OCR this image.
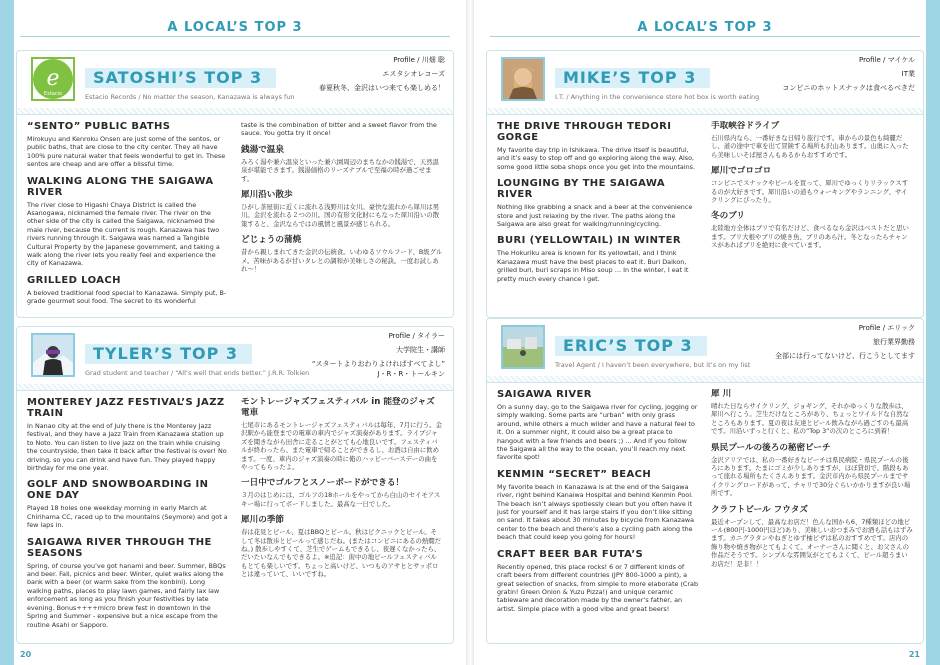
A LOCAL’S TOP 3
e
Estacio
SATOSHI’S TOP 3
Estacio Records / No matter the season, Kanazawa is always fun
Profile / 川畑 聡
エスタシオレコーズ
春夏秋冬、金沢はいつ来ても楽しめる！
“SENTO” PUBLIC BATHS

Mirokuyu and Kenroku Onsen are just some of the sentos, or public baths, that are close to the city center. They all have 100% pure natural water that feels wonderful to get in. These sentos are cheap and are offer a blissful time.

WALKING ALONG THE SAIGAWA RIVER

The river close to Higashi Chaya District is called the Asanogawa, nicknamed the female river. The river on the other side of the city is called the Saigawa, nicknamed the male river, because the current is rough. Kanazawa has two rivers running through it. Saigawa was named a Tangible Cultural Property by the Japanese government, and taking a walk along the river lets you really feel and experience the city of Kanazawa.

GRILLED LOACH

A beloved traditional food special to Kanazawa. Simply put, B-grade gourmet soul food. The secret to its wonderful

taste is the combination of bitter and a sweet flavor from the sauce. You gotta try it once!

銭湯で温泉

みろく湯や兼六温泉といった兼六園周辺のまちなかの銭湯で、天然温泉が堪能できます。銭湯価格のリーズナブルで至福の時が過ごせます。

犀川沿い散歩

ひがし茶屋街に近くに流れる浅野川は女川。豪快な流れから犀川は男川。金沢を流れる２つの川。国の有形文化財にもなった犀川沿いの散策すると、金沢ならではの風情と風景が感じられる。

どじょうの蒲焼

昔から親しまれてきた金沢の伝統食。いわゆるソウルフード、B級グルメ。苦味があるが甘いタレとの調和が美味しさの秘訣。一度お試しあれ～！

TYLER’S TOP 3
Grad student and teacher / “All’s well that ends better.” J.R.R. Tolkien
Profile / タイラー
大学院生・講師
“スタートよりおわりよければすべてよし”
J・R・R・トールキン
MONTEREY JAZZ FESTIVAL’S JAZZ TRAIN

In Nanao city at the end of July there is the Monterey Jazz festival, and they have a Jazz Train from Kanazawa station up to Noto. You can listen to live jazz on the train while cruising the countryside, then take it back after the festival is over! No driving, so you can drink and have fun. They played happy birthday for me one year.

GOLF AND SNOWBOARDING IN ONE DAY

Played 18 holes one weekday morning in early March at Chirihama CC, raced up to the mountains (Seymore) and got a few laps in.

SAIGAWA RIVER THROUGH THE SEASONS

Spring, of course you’ve got hanami and beer. Summer, BBQs and beer. Fall, picnics and beer. Winter, quiet walks along the bank with a beer (or warm sake from the konbini). Long walking paths, places to play lawn games, and fairly lax law enforcement as long as you finish your festivities by late evening. Bonus++++micro brew fest in downtown in the Spring and Summer - expensive but a nice escape from the routine Asahi or Sapporo.

モントレージャズフェスティバル in 能登のジャズ電車

七尾市にあるモントレージャズフェスティバルは毎年、7月に行う。金沢駅から能登までの電車の車内でジャズ演奏があります。ライブジャズを聞きながら田舎に走ることがとても心地良いです。フェスティバルが終わったら、また電車で帰ることができるし、お酒は自由に飲めます。一度、車内のジャズ演奏の時に俺のハッピーバースデーの曲をやってもらったよ。

一日中でゴルフとスノーボードができる！

３月のはじめには、ゴルフの18ホールをやってから白山のセイモアスキー場に行ってボードしました。最高な一日でした。

犀川の季節

春は花見とビール、夏はBBQとビール。秋はピクニックとビール。そして冬は散歩とビールって感じだね。(またはコンビニにあるの熱燗だね。) 散歩しやすくて、芝生でゲームもできるし、夜遅くなかったら、だいたいなんでもできるよ。※追記：街中の地ビールフェスティバルもとても楽しいです。ちょっと高いけど、いつものアサヒとサッポロとは違っていて、いいですね。

20
A LOCAL’S TOP 3
MIKE’S TOP 3
I.T. / Anything in the convenience store hot box is worth eating
Profile / マイケル
IT業
コンビニのホットスナックは食べるべきだ
THE DRIVE THROUGH TEDORI GORGE

My favorite day trip in Ishikawa. The drive itself is beautiful, and it’s easy to stop off and go exploring along the way. Also, some good little soba shops once you get into the mountains.

LOUNGING BY THE SAIGAWA RIVER

Nothing like grabbing a snack and a beer at the convenience store and just relaxing by the river. The paths along the Saigawa are also great for walking/running/cycling.

BURI (YELLOWTAIL) IN WINTER

The Hokuriku area is known for its yellowtail, and I think Kanazawa must have the best places to eat it. Buri Daikon, grilled buri, buri scraps in Miso soup … In the winter, I eat it pretty much every chance I get.

手取峡谷ドライブ

石川県内なら、一番好きな日帰り旅行です。車からの景色も綺麗だし、道の途中で車を出て冒険する場所も沢山あります。山奥に入ったら美味しいそば屋さんもあるからおすすめです。

犀川でゴロゴロ

コンビニでスナックやビールを買って、犀川でゆっくりリラックスするのが大好きです。犀川沿いの道もウォーキングやランニング、サイクリングにぴったり。

冬のブリ

北陸地方全体はブリで有名だけど、食べるなら金沢はベストだと思います。ブリ大根やブリの焼き魚、ブリのあら汁。冬となったらチャンスがあればブリを絶対に食べています。

ERIC’S TOP 3
Travel Agent / I haven’t been everywhere, but it’s on my list
Profile / エリック
旅行業界勤務
全部には行ってないけど、行こうとしてます
SAIGAWA RIVER

On a sunny day, go to the Saigawa river for cycling, jogging or simply walking. Some parts are “urban” with only grass around, while others a much wilder and have a natural feel to it. On a summer night, it could also be a great place to hangout with a few friends and beers ;) … And if you follow the Saigawa all the way to the ocean, you’ll reach my next favorite spot!

KENMIN “SECRET” BEACH

My favorite beach in Kanazawa is at the end of the Saigawa river, right behind Kanaiwa Hospital and behind Kenmin Pool. The beach isn’t always spotlessly clean but you often have it just for yourself and it has large stairs if you don’t like sitting on sand. It takes about 30 minutes by bicycle from Kanazawa center to the beach and there’s also a cycling path along the beach that could keep you going for hours!

CRAFT BEER BAR FUTA’S

Recently opened, this place rocks! 6 or 7 different kinds of craft beers from different countries (JPY 800-1000 a pint), a great selection of snacks, from simple to more elaborate (Crab gratin! Green Onion & Yuzu Pizza!) and unique ceramic tableware and decoration made by the owner’s father, an artist. Simple place with a good vibe and great beers!

犀 川

晴れた日ならサイクリング、ジョギング、それかゆっくりな散歩は、犀川へ行こう。芝生だけなところがあり、ちょっとワイルドな自然なところもあります。夏の夜は友達とビール飲みながら過ごすのも最高です。川沿いずっと行くと、私の“Top 3”の次のところに到着！

県民プールの後ろの秘密ビーチ

金沢アリアでは、私の一番好きなビーチは県民病院・県民プールの後ろにあります。たまにゴミが少しありますが、ほぼ貸切で、階段もあって座れる場所もたくさんあります。金沢市内から県民プールまでサイクリングロードがあって、チャリで30分ぐらいかかりますが良い場所です。

クラフトビール フウタズ

最近オープンして、最高なお店だ！色んな国から6、7種類ほどの地ビール(800円-1000円ほど)あり、美味しいおつまみでお酒も話もはずみます。カニグラタンやねぎとゆず柚ピザは私のおすすめです。店内の飾り物や焼き物がとてもよくて、オーナーさんに聞くと、お父さんの作品だそうです。シンプルな雰囲気がとてもよくて、ビール超うまいお店だ！是非！！

21
